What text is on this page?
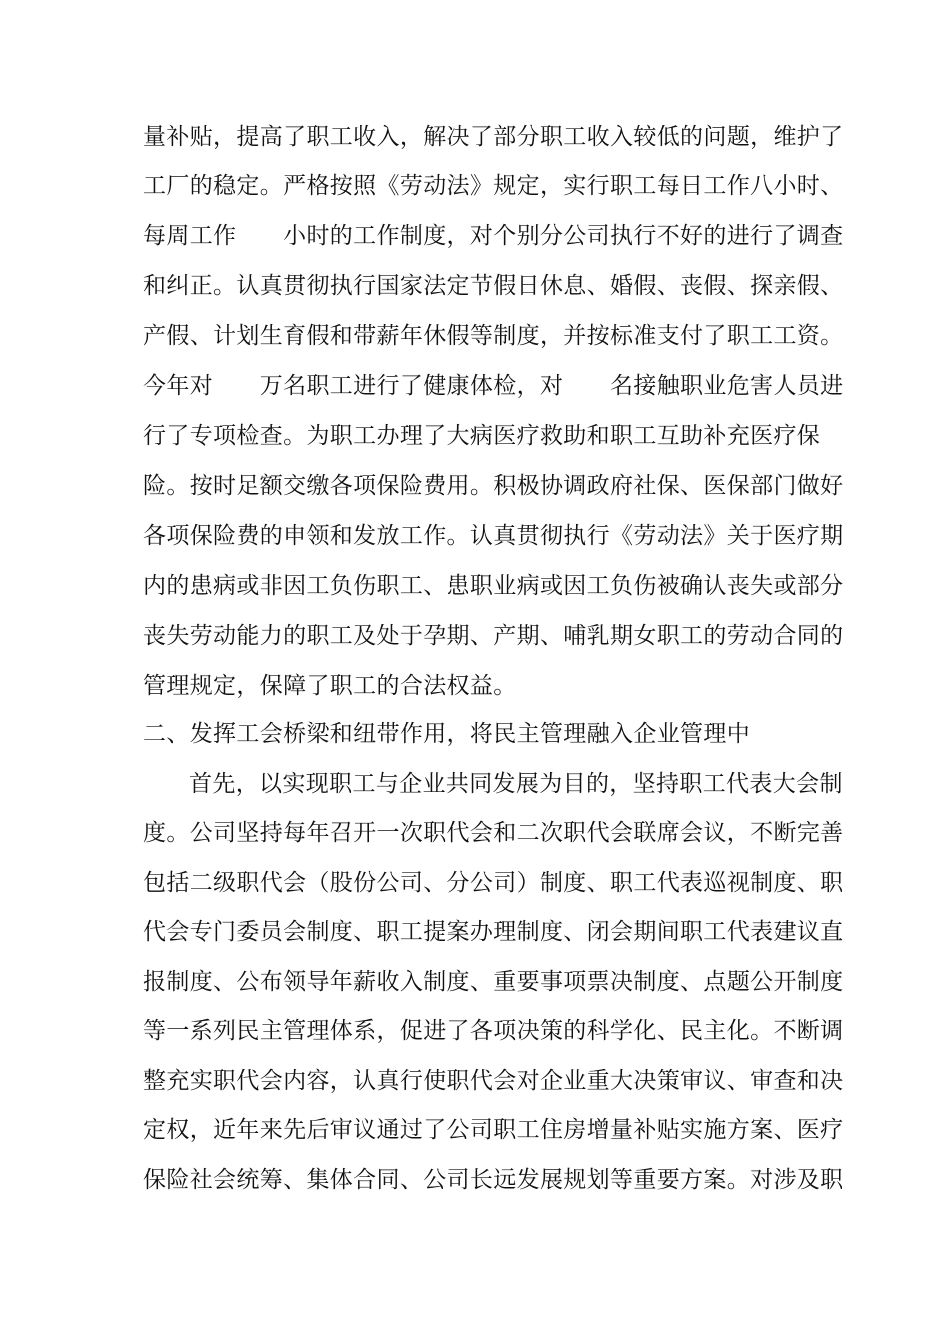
量补贴，提高了职工收入，解决了部分职工收入较低的问题，维护了
工厂的稳定。严格按照《劳动法》规定，实行职工每日工作八小时、
每周工作　　小时的工作制度，对个别分公司执行不好的进行了调查
和纠正。认真贯彻执行国家法定节假日休息、婚假、丧假、探亲假、
产假、计划生育假和带薪年休假等制度，并按标准支付了职工工资。
今年对　　万名职工进行了健康体检，对　　名接触职业危害人员进
行了专项检查。为职工办理了大病医疗救助和职工互助补充医疗保
险。按时足额交缴各项保险费用。积极协调政府社保、医保部门做好
各项保险费的申领和发放工作。认真贯彻执行《劳动法》关于医疗期
内的患病或非因工负伤职工、患职业病或因工负伤被确认丧失或部分
丧失劳动能力的职工及处于孕期、产期、哺乳期女职工的劳动合同的
管理规定，保障了职工的合法权益。
二、发挥工会桥梁和纽带作用，将民主管理融入企业管理中
首先，以实现职工与企业共同发展为目的，坚持职工代表大会制
度。公司坚持每年召开一次职代会和二次职代会联席会议，不断完善
包括二级职代会（股份公司、分公司）制度、职工代表巡视制度、职
代会专门委员会制度、职工提案办理制度、闭会期间职工代表建议直
报制度、公布领导年薪收入制度、重要事项票决制度、点题公开制度
等一系列民主管理体系，促进了各项决策的科学化、民主化。不断调
整充实职代会内容，认真行使职代会对企业重大决策审议、审查和决
定权，近年来先后审议通过了公司职工住房增量补贴实施方案、医疗
保险社会统筹、集体合同、公司长远发展规划等重要方案。对涉及职
